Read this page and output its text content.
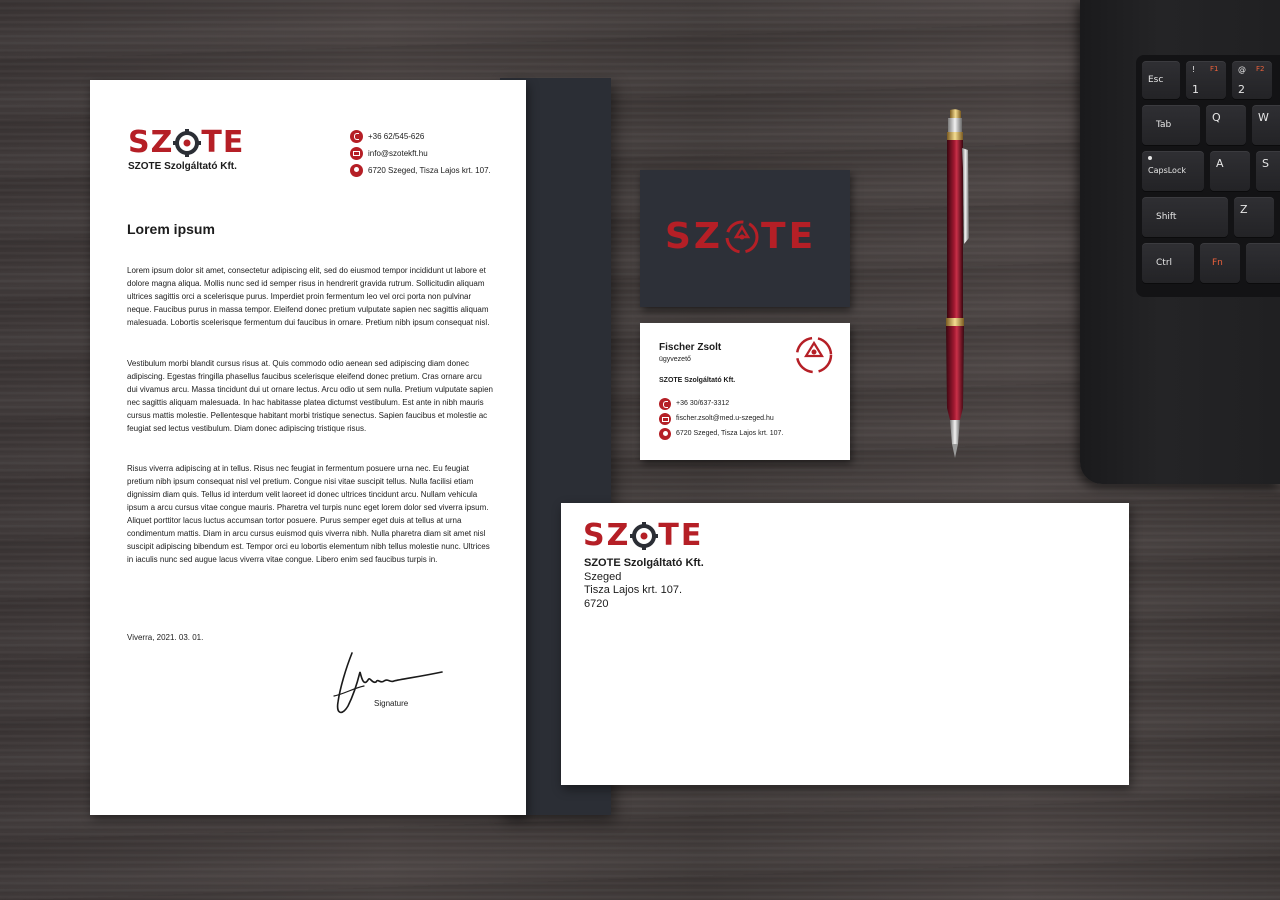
SZ TE
SZOTE Szolgáltató Kft.
+36 62/545-626
info@szotekft.hu
6720 Szeged, Tisza Lajos krt. 107.
Lorem ipsum

Lorem ipsum dolor sit amet, consectetur adipiscing elit, sed do eiusmod tempor incididunt ut labore et dolore magna aliqua. Mollis nunc sed id semper risus in hendrerit gravida rutrum. Sollicitudin aliquam ultrices sagittis orci a scelerisque purus. Imperdiet proin fermentum leo vel orci porta non pulvinar neque. Faucibus purus in massa tempor. Eleifend donec pretium vulputate sapien nec sagittis aliquam malesuada. Lobortis scelerisque fermentum dui faucibus in ornare. Pretium nibh ipsum consequat nisl.

Vestibulum morbi blandit cursus risus at. Quis commodo odio aenean sed adipiscing diam donec adipiscing. Egestas fringilla phasellus faucibus scelerisque eleifend donec pretium. Cras ornare arcu dui vivamus arcu. Massa tincidunt dui ut ornare lectus. Arcu odio ut sem nulla. Pretium vulputate sapien nec sagittis aliquam malesuada. In hac habitasse platea dictumst vestibulum. Est ante in nibh mauris cursus mattis molestie. Pellentesque habitant morbi tristique senectus. Sapien faucibus et molestie ac feugiat sed lectus vestibulum. Diam donec adipiscing tristique risus.

Risus viverra adipiscing at in tellus. Risus nec feugiat in fermentum posuere urna nec. Eu feugiat pretium nibh ipsum consequat nisl vel pretium. Congue nisi vitae suscipit tellus. Nulla facilisi etiam dignissim diam quis. Tellus id interdum velit laoreet id donec ultrices tincidunt arcu. Nullam vehicula ipsum a arcu cursus vitae congue mauris. Pharetra vel turpis nunc eget lorem dolor sed viverra ipsum. Aliquet porttitor lacus luctus accumsan tortor posuere. Purus semper eget duis at tellus at urna condimentum mattis. Diam in arcu cursus euismod quis viverra nibh. Nulla pharetra diam sit amet nisl suscipit adipiscing bibendum est. Tempor orci eu lobortis elementum nibh tellus molestie nunc. Ultrices in iaculis nunc sed augue lacus viverra vitae congue. Libero enim sed faucibus turpis in.

Viverra, 2021. 03. 01.
Signature
SZ TE
Fischer Zsolt
ügyvezető
SZOTE Szolgáltató Kft.
+36 30/637-3312
fischer.zsolt@med.u-szeged.hu
6720 Szeged, Tisza Lajos krt. 107.
SZ TE
SZOTE Szolgáltató Kft.
Szeged
Tisza Lajos krt. 107.
6720
Esc
! F1
1
@ F2
2
Tab
Q	W
CapsLock
A	S
Shift
Z
Ctrl	Fn
